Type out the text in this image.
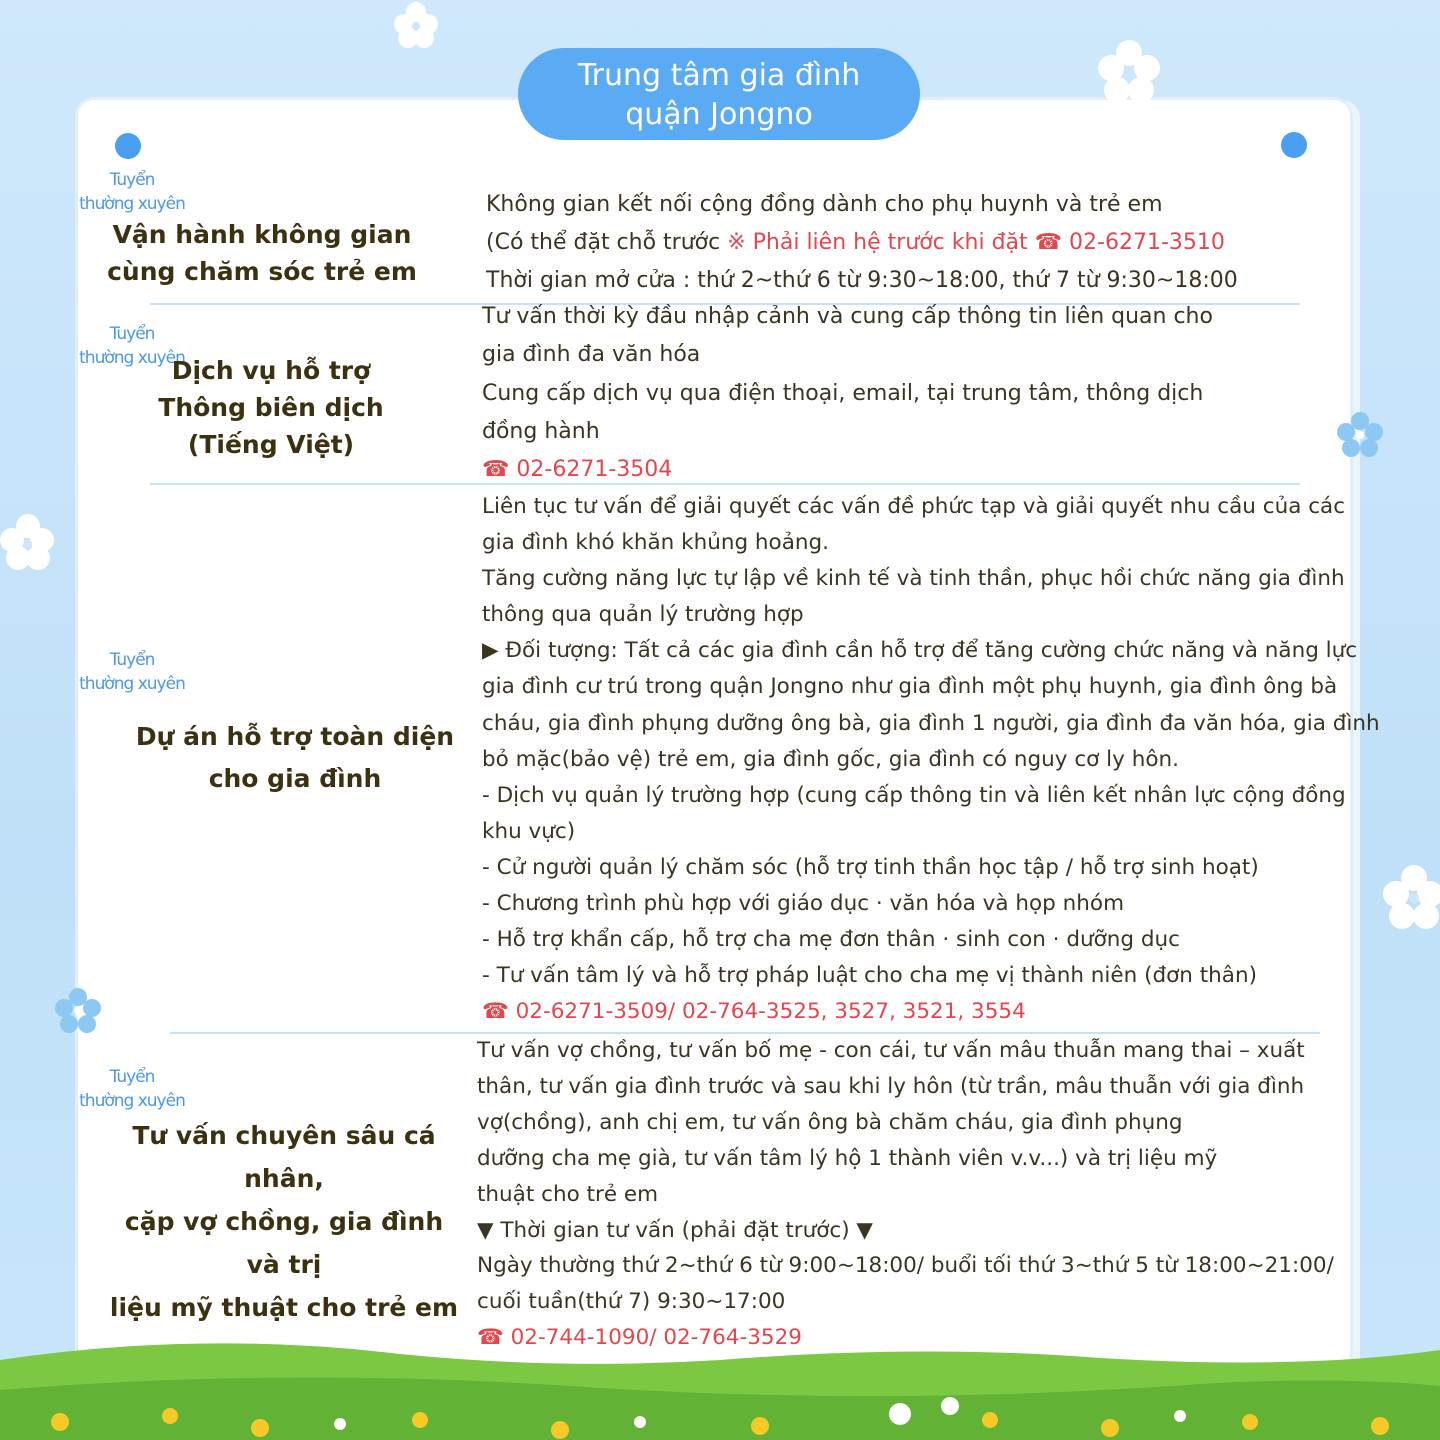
Trung tâm gia đình
quận Jongno
Tuyển
thường xuyên
Vận hành không gian
cùng chăm sóc trẻ em

Không gian kết nối cộng đồng dành cho phụ huynh và trẻ em

(Có thể đặt chỗ trước ※ Phải liên hệ trước khi đặt ☎ 02-6271-3510

Thời gian mở cửa : thứ 2~thứ 6 từ 9:30~18:00, thứ 7 từ 9:30~18:00

Tuyển
thường xuyên
Dịch vụ hỗ trợ
Thông biên dịch
(Tiếng Việt)

Tư vấn thời kỳ đầu nhập cảnh và cung cấp thông tin liên quan cho

gia đình đa văn hóa

Cung cấp dịch vụ qua điện thoại, email, tại trung tâm, thông dịch

đồng hành

☎ 02-6271-3504

Tuyển
thường xuyên
Dự án hỗ trợ toàn diện
cho gia đình

Liên tục tư vấn để giải quyết các vấn đề phức tạp và giải quyết nhu cầu của các

gia đình khó khăn khủng hoảng.

Tăng cường năng lực tự lập về kinh tế và tinh thần, phục hồi chức năng gia đình

thông qua quản lý trường hợp

▶ Đối tượng: Tất cả các gia đình cần hỗ trợ để tăng cường chức năng và năng lực

gia đình cư trú trong quận Jongno như gia đình một phụ huynh, gia đình ông bà

cháu, gia đình phụng dưỡng ông bà, gia đình 1 người, gia đình đa văn hóa, gia đình

bỏ mặc(bảo vệ) trẻ em, gia đình gốc, gia đình có nguy cơ ly hôn.

- Dịch vụ quản lý trường hợp (cung cấp thông tin và liên kết nhân lực cộng đồng

khu vực)

- Cử người quản lý chăm sóc (hỗ trợ tinh thần học tập / hỗ trợ sinh hoạt)

- Chương trình phù hợp với giáo dục · văn hóa và họp nhóm

- Hỗ trợ khẩn cấp, hỗ trợ cha mẹ đơn thân · sinh con · dưỡng dục

- Tư vấn tâm lý và hỗ trợ pháp luật cho cha mẹ vị thành niên (đơn thân)

☎ 02-6271-3509/ 02-764-3525, 3527, 3521, 3554

Tuyển
thường xuyên
Tư vấn chuyên sâu cá nhân,
cặp vợ chồng, gia đình và trị
liệu mỹ thuật cho trẻ em

Tư vấn vợ chồng, tư vấn bố mẹ - con cái, tư vấn mâu thuẫn mang thai – xuất

thân, tư vấn gia đình trước và sau khi ly hôn (từ trần, mâu thuẫn với gia đình

vợ(chồng), anh chị em, tư vấn ông bà chăm cháu, gia đình phụng

dưỡng cha mẹ già, tư vấn tâm lý hộ 1 thành viên v.v...) và trị liệu mỹ

thuật cho trẻ em

▼ Thời gian tư vấn (phải đặt trước) ▼

Ngày thường thứ 2~thứ 6 từ 9:00~18:00/ buổi tối thứ 3~thứ 5 từ 18:00~21:00/

cuối tuần(thứ 7) 9:30~17:00

☎ 02-744-1090/ 02-764-3529
